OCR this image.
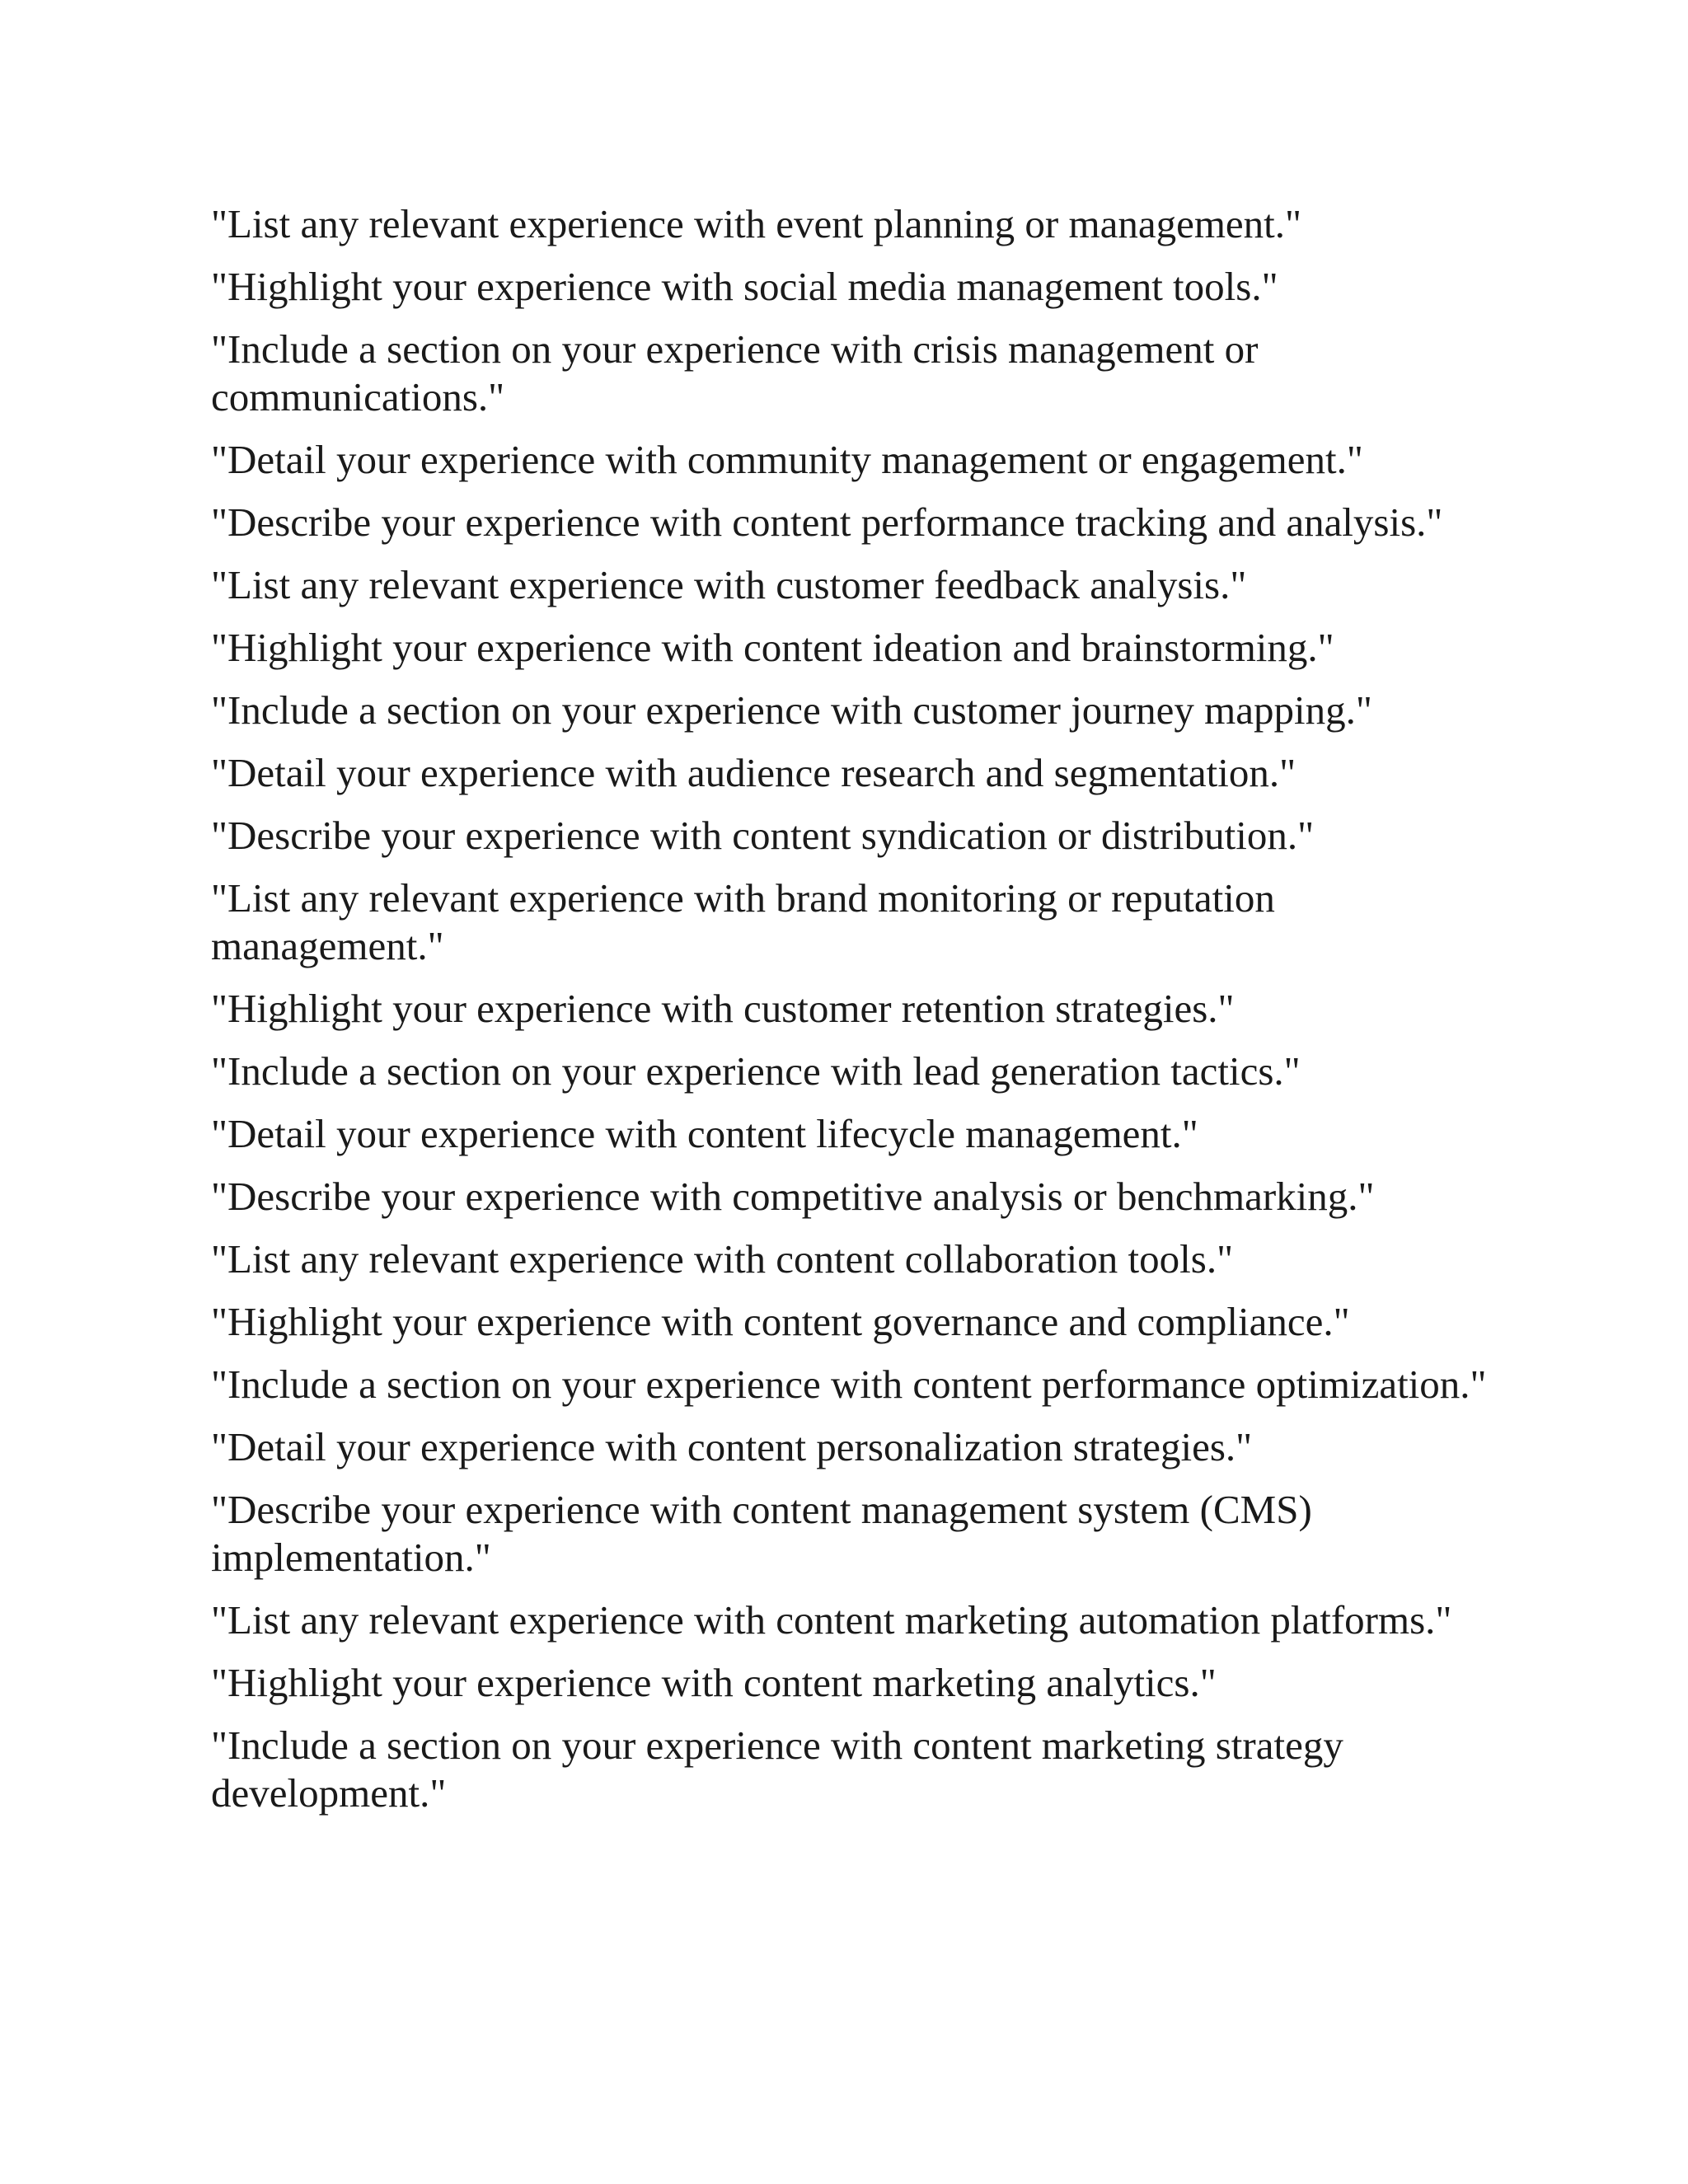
"List any relevant experience with event planning or management."

"Highlight your experience with social media management tools."

"Include a section on your experience with crisis management or communications."

"Detail your experience with community management or engagement."

"Describe your experience with content performance tracking and analysis."

"List any relevant experience with customer feedback analysis."

"Highlight your experience with content ideation and brainstorming."

"Include a section on your experience with customer journey mapping."

"Detail your experience with audience research and segmentation."

"Describe your experience with content syndication or distribution."

"List any relevant experience with brand monitoring or reputation management."

"Highlight your experience with customer retention strategies."

"Include a section on your experience with lead generation tactics."

"Detail your experience with content lifecycle management."

"Describe your experience with competitive analysis or benchmarking."

"List any relevant experience with content collaboration tools."

"Highlight your experience with content governance and compliance."

"Include a section on your experience with content performance optimization."

"Detail your experience with content personalization strategies."

"Describe your experience with content management system (CMS) implementation."

"List any relevant experience with content marketing automation platforms."

"Highlight your experience with content marketing analytics."

"Include a section on your experience with content marketing strategy development."
